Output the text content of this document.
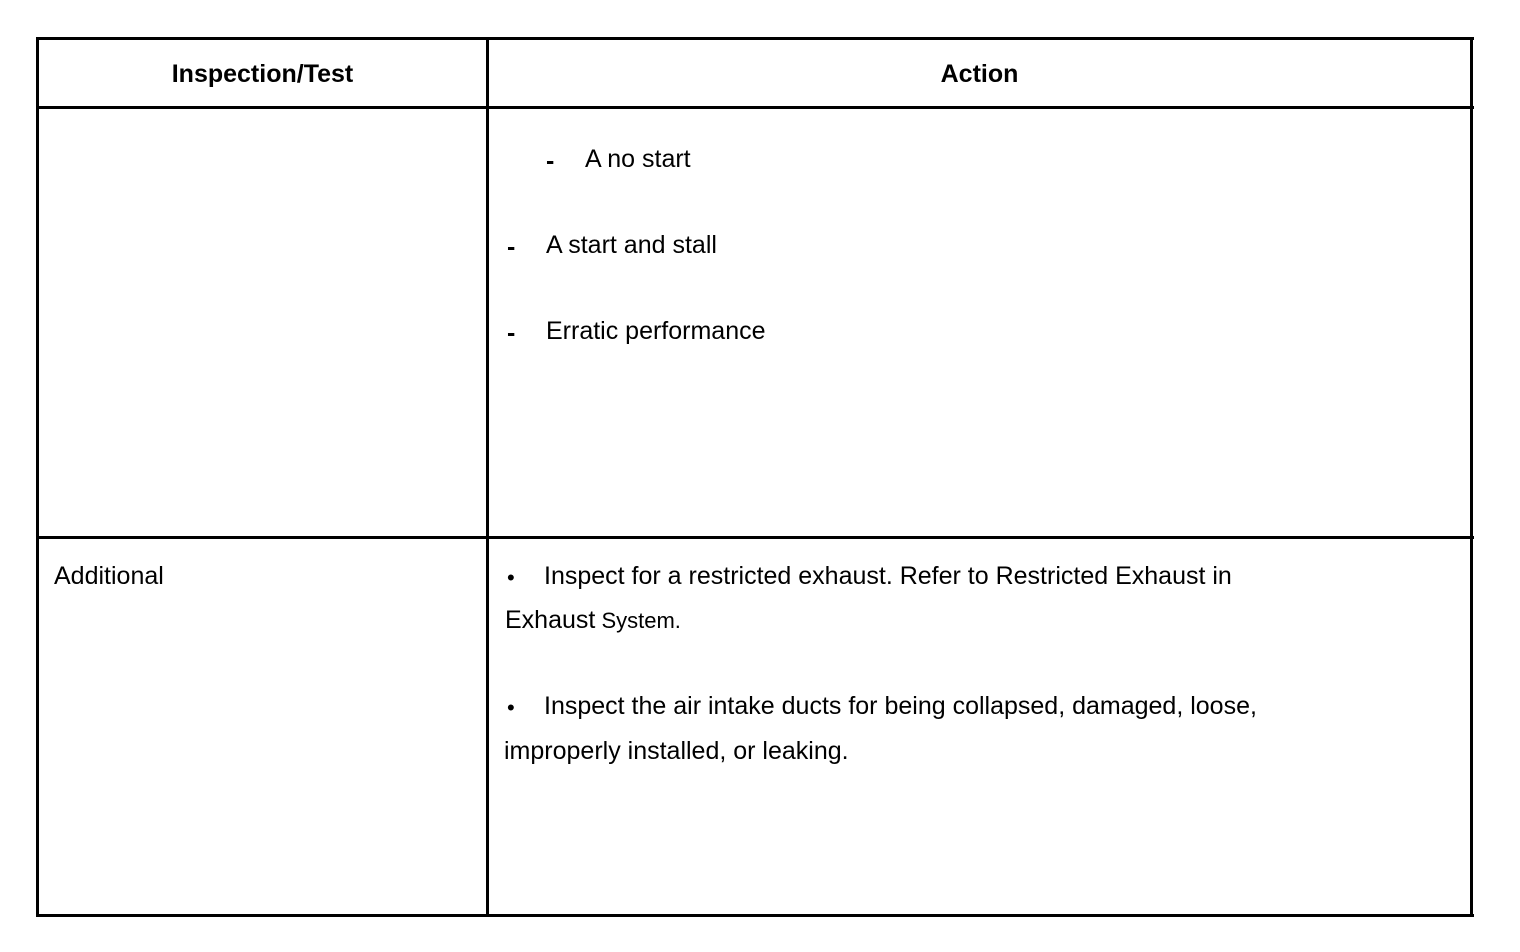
Inspection/Test	Action
- A no start
- A start and stall
- Erratic performance
Additional	• Inspect for a restricted exhaust. Refer to Restricted Exhaust in
Exhaust System.
• Inspect the air intake ducts for being collapsed, damaged, loose,
improperly installed, or leaking.
